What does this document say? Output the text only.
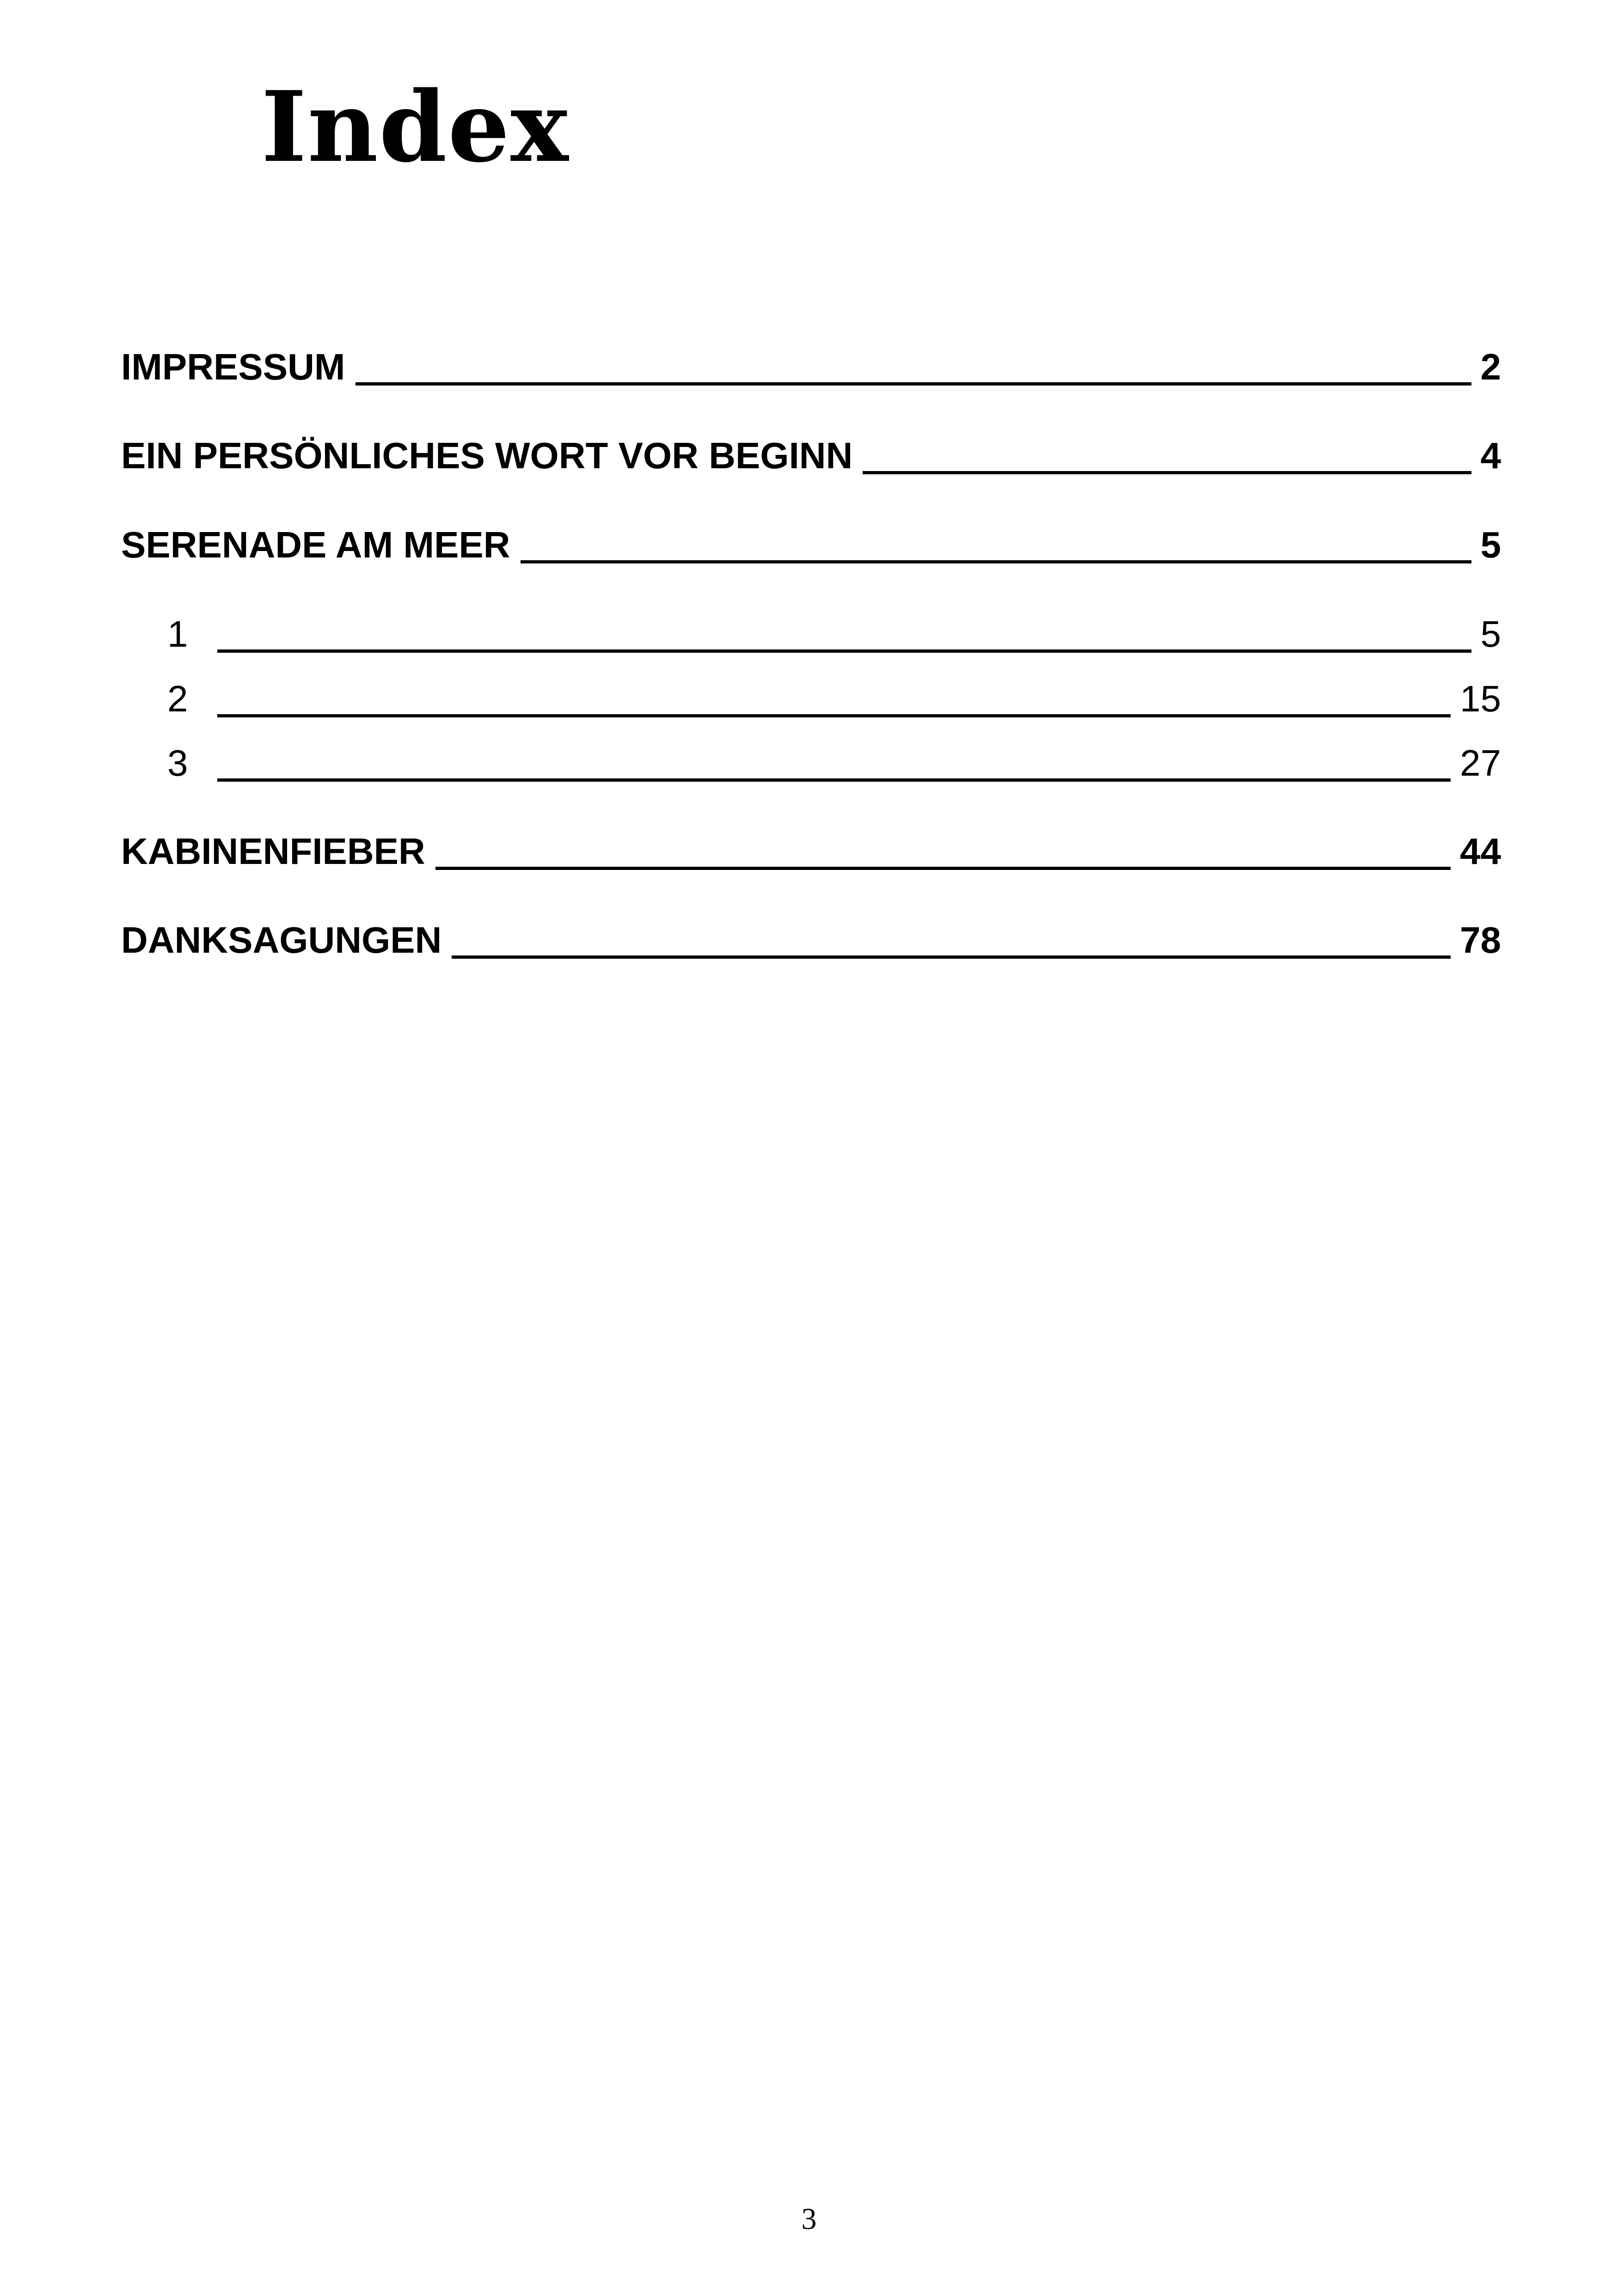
Index
IMPRESSUM	2
EIN PERSÖNLICHES WORT VOR BEGINN	4
SERENADE AM MEER	5
1	5
2	15
3	27
KABINENFIEBER	44
DANKSAGUNGEN	78
3
